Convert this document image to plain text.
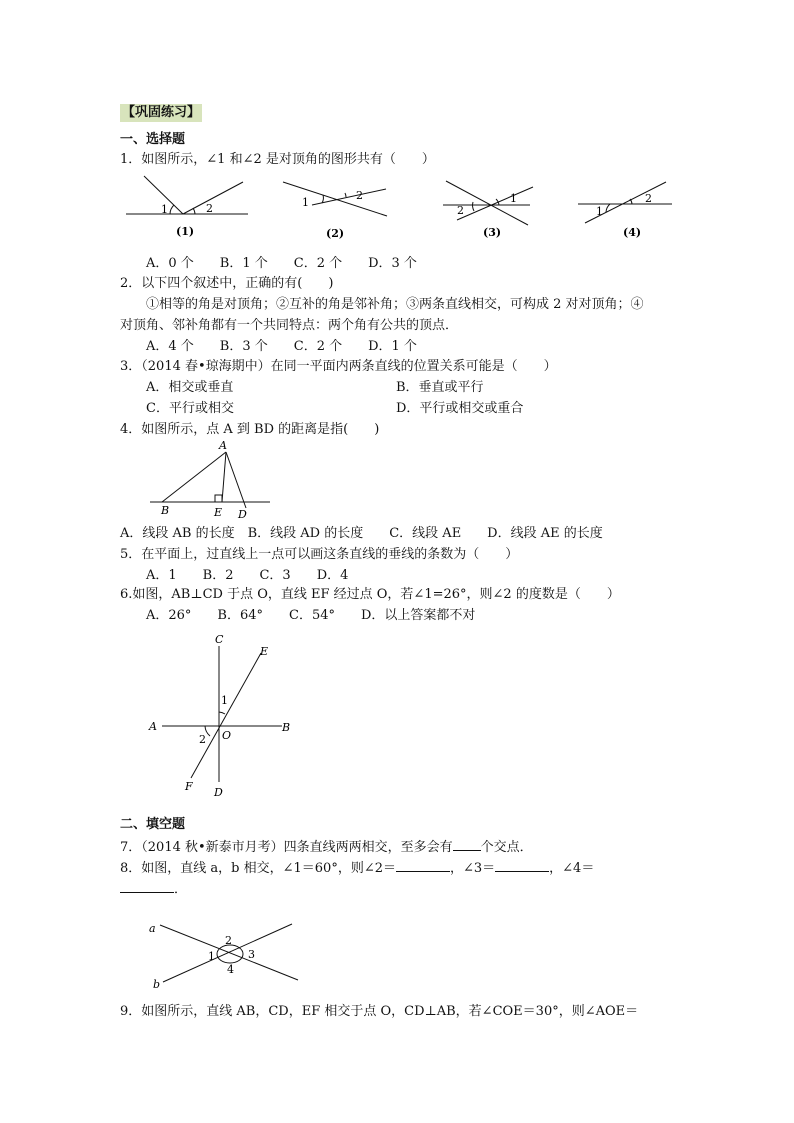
【巩固练习】
一、选择题
1．如图所示，∠1 和∠2 是对顶角的图形共有（　　）
1	2
(1)
1
2
(2)
2
1
(3)
1
2
(4)
A
B	E D
C
E
A	B
O
F D
1
2
a
b
2
1	3
4
A．0 个　　B．1 个　　C．2 个　　D．3 个
2．以下四个叙述中，正确的有(　　)
①相等的角是对顶角；②互补的角是邻补角；③两条直线相交，可构成 2 对对顶角；④
对顶角、邻补角都有一个共同特点：两个角有公共的顶点．
A．4 个　　B．3 个　　C．2 个　　D．1 个
3．（2014 春•琼海期中）在同一平面内两条直线的位置关系可能是（　　）
A．相交或垂直	B．垂直或平行
C．平行或相交	D．平行或相交或重合
4．如图所示，点 A 到 BD 的距离是指(　　)
A．线段 AB 的长度　B．线段 AD 的长度　　C．线段 AE　　D．线段 AE 的长度
5．在平面上，过直线上一点可以画这条直线的垂线的条数为（　　）
A．1　　B．2　　C．3　　D．4
6.如图，AB⊥CD 于点 O，直线 EF 经过点 O，若∠1=26°，则∠2 的度数是（　　）
A．26°　　B．64°　　C．54°　　D．以上答案都不对
二、填空题
7．（2014 秋•新泰市月考）四条直线两两相交，至多会有 个交点．
8．如图，直线 a，b 相交，∠1＝60°，则∠2＝	，∠3＝	，∠4＝
．
9．如图所示，直线 AB，CD，EF 相交于点 O，CD⊥AB，若∠COE＝30°，则∠AOE＝
